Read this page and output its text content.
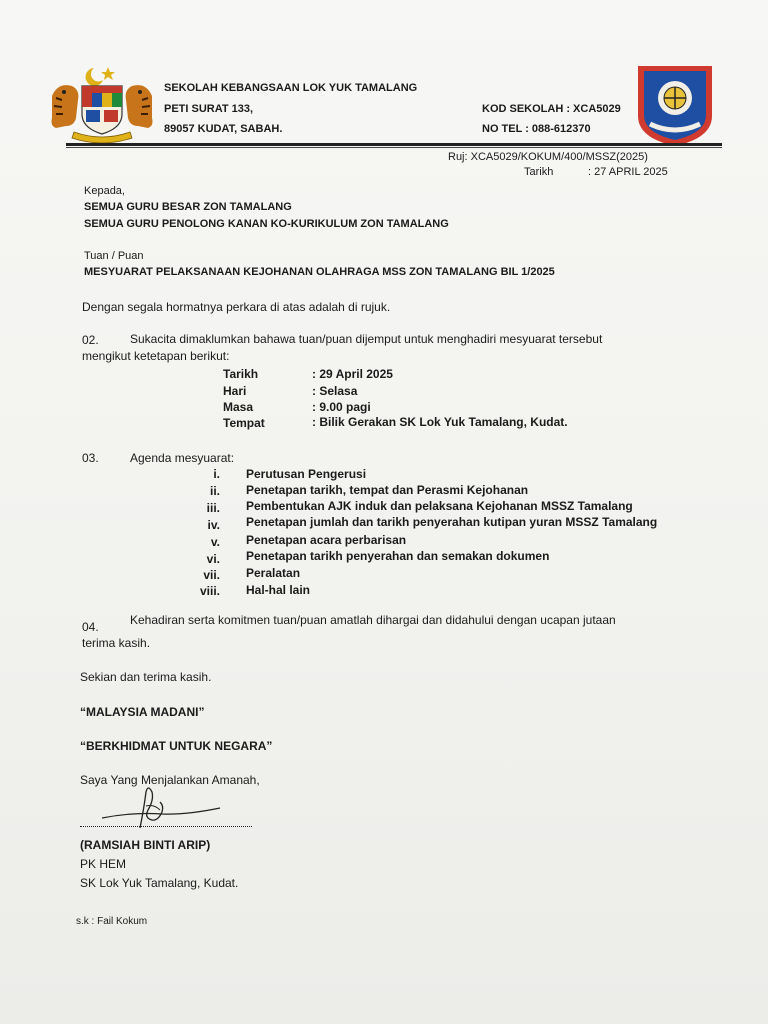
SEKOLAH KEBANGSAAN LOK YUK TAMALANG
PETI SURAT 133,
89057 KUDAT, SABAH.
KOD SEKOLAH : XCA5029
NO TEL : 088-612370
Ruj: XCA5029/KOKUM/400/MSSZ(2025)
Tarikh	: 27 APRIL 2025
Kepada,
SEMUA GURU BESAR ZON TAMALANG
SEMUA GURU PENOLONG KANAN KO-KURIKULUM ZON TAMALANG
Tuan / Puan
MESYUARAT PELAKSANAAN KEJOHANAN OLAHRAGA MSS ZON TAMALANG BIL 1/2025
Dengan segala hormatnya perkara di atas adalah di rujuk.
02.	Sukacita dimaklumkan bahawa tuan/puan dijemput untuk menghadiri mesyuarat tersebut
mengikut ketetapan berikut:
Tarikh	: 29 April 2025
Hari	: Selasa
Masa	: 9.00 pagi
Tempat	: Bilik Gerakan SK Lok Yuk Tamalang, Kudat.
03.	Agenda mesyuarat:
i. Perutusan Pengerusi
ii. Penetapan tarikh, tempat dan Perasmi Kejohanan
iii. Pembentukan AJK induk dan pelaksana Kejohanan MSSZ Tamalang
iv. Penetapan jumlah dan tarikh penyerahan kutipan yuran MSSZ Tamalang
v. Penetapan acara perbarisan
vi. Penetapan tarikh penyerahan dan semakan dokumen
vii. Peralatan
viii. Hal-hal lain
04.	Kehadiran serta komitmen tuan/puan amatlah dihargai dan didahului dengan ucapan jutaan
terima kasih.
Sekian dan terima kasih.
“MALAYSIA MADANI”
“BERKHIDMAT UNTUK NEGARA”
Saya Yang Menjalankan Amanah,
(RAMSIAH BINTI ARIP)
PK HEM
SK Lok Yuk Tamalang, Kudat.
s.k : Fail Kokum
